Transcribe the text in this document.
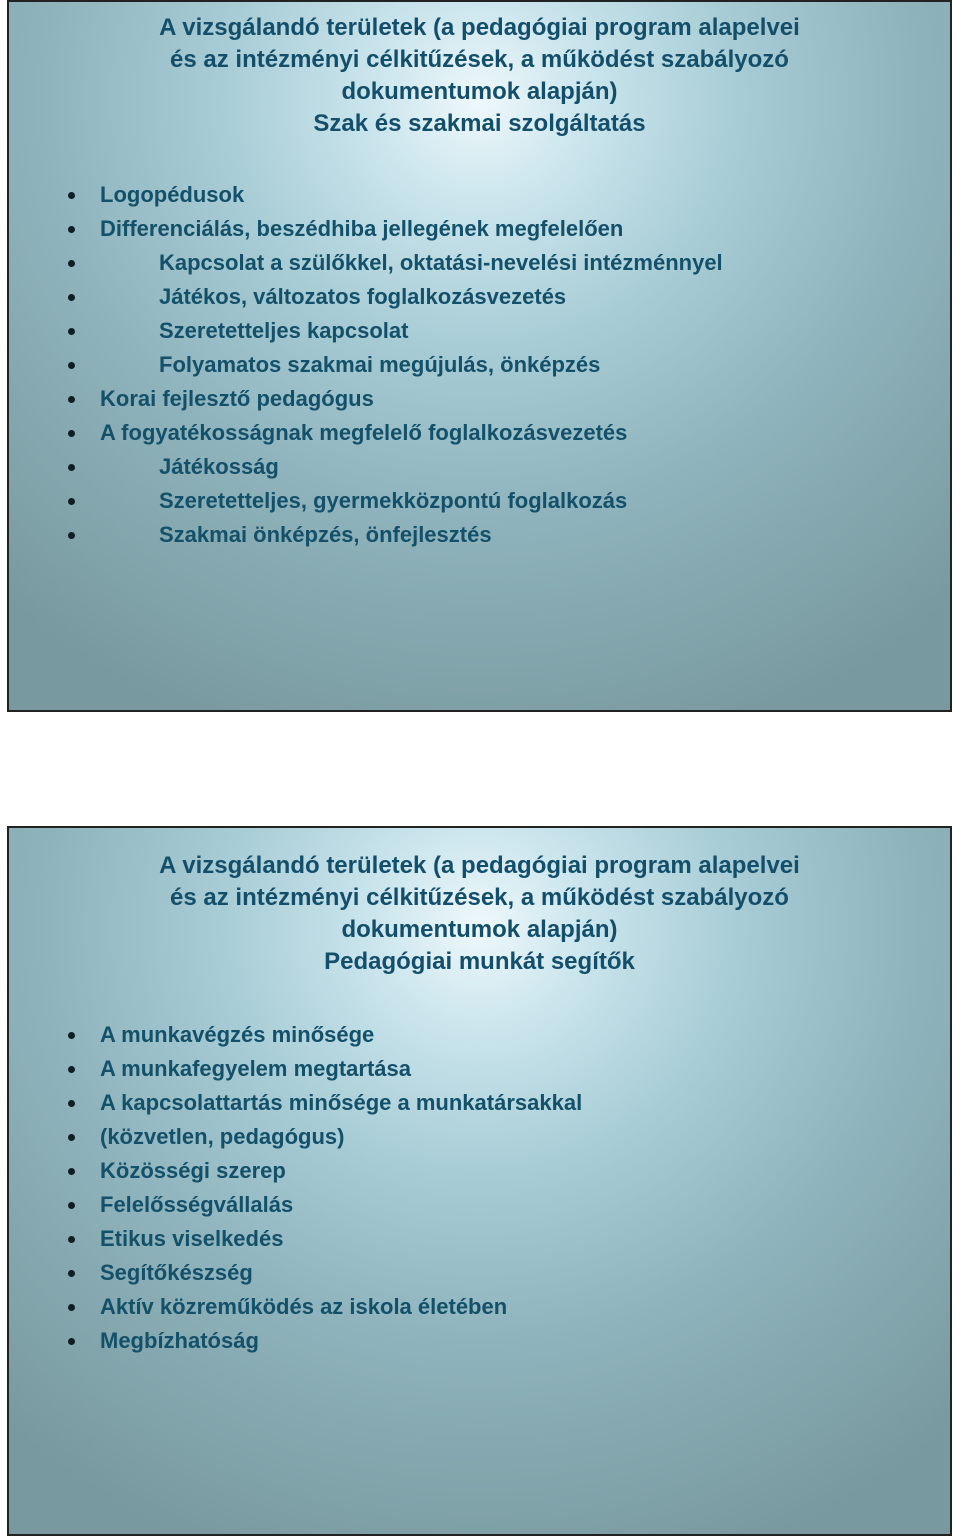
A vizsgálandó területek (a pedagógiai program alapelvei
és az intézményi célkitűzések, a működést szabályozó
dokumentumok alapján)
Szak és szakmai szolgáltatás
Logopédusok
Differenciálás, beszédhiba jellegének megfelelően
Kapcsolat a szülőkkel, oktatási-nevelési intézménnyel
Játékos, változatos foglalkozásvezetés
Szeretetteljes kapcsolat
Folyamatos szakmai megújulás, önképzés
Korai fejlesztő pedagógus
A fogyatékosságnak megfelelő foglalkozásvezetés
Játékosság
Szeretetteljes, gyermekközpontú foglalkozás
Szakmai önképzés, önfejlesztés
A vizsgálandó területek (a pedagógiai program alapelvei
és az intézményi célkitűzések, a működést szabályozó
dokumentumok alapján)
Pedagógiai munkát segítők
A munkavégzés minősége
A munkafegyelem megtartása
A kapcsolattartás minősége a munkatársakkal
(közvetlen, pedagógus)
Közösségi szerep
Felelősségvállalás
Etikus viselkedés
Segítőkészség
Aktív közreműködés az iskola életében
Megbízhatóság
